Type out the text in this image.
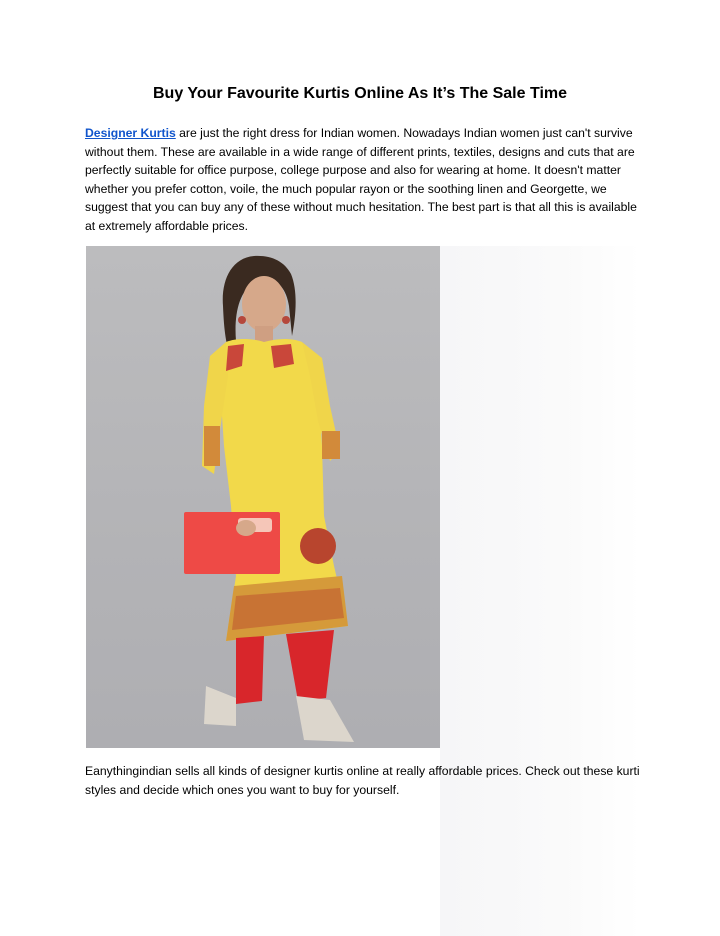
Buy Your Favourite Kurtis Online As It’s The Sale Time

Designer Kurtis are just the right dress for Indian women. Nowadays Indian women just can't survive without them. These are available in a wide range of different prints, textiles, designs and cuts that are perfectly suitable for office purpose, college purpose and also for wearing at home. It doesn't matter whether you prefer cotton, voile, the much popular rayon or the soothing linen and Georgette, we suggest that you can buy any of these without much hesitation. The best part is that all this is available at extremely affordable prices.

Eanythingindian sells all kinds of designer kurtis online at really affordable prices. Check out these kurti styles and decide which ones you want to buy for yourself.
